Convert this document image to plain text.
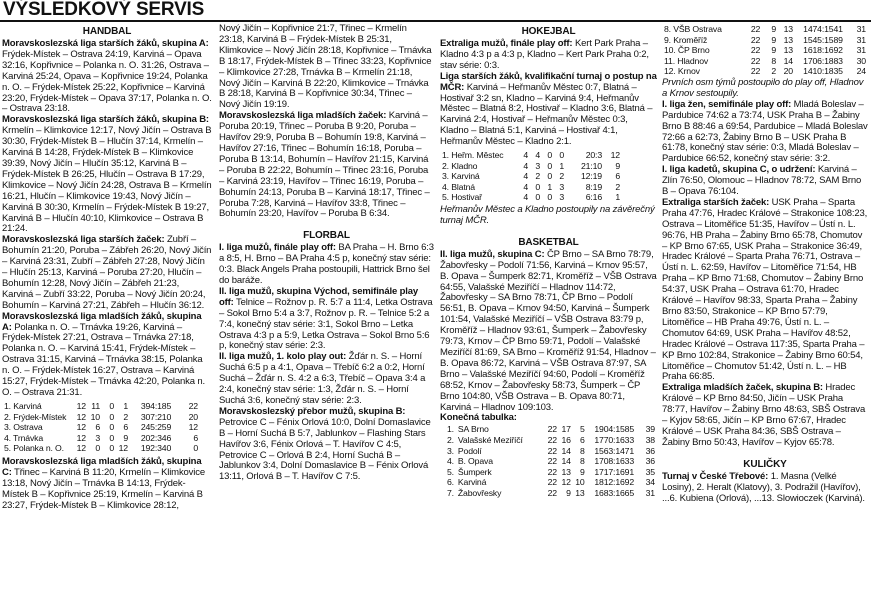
VÝSLEDKOVÝ SERVIS
HANDBAL

Moravskoslezská liga starších žáků, skupina A: Frýdek-Místek – Ostrava 24:19, Karviná – Opava 32:16, Kopřivnice – Polanka n. O. 31:26, Ostrava – Karviná 25:24, Opava – Kopřivnice 19:24, Polanka n. O. – Frýdek-Místek 25:22, Kopřivnice – Karviná 23:20, Frýdek-Místek – Opava 37:17, Polanka n. O. – Ostrava 23:18.

Moravskoslezská liga starších žáků, skupina B: Krmelín – Klimkovice 12:17, Nový Jičín – Ostrava B 30:30, Frýdek-Místek B – Hlučín 37:14, Krmelín – Karviná B 14:28, Frýdek-Místek B – Klimkovice 39:39, Nový Jičín – Hlučín 35:12, Karviná B – Frýdek-Místek B 26:25, Hlučín – Ostrava B 17:29, Klimkovice – Nový Jičín 24:28, Ostrava B – Krmelín 16:21, Hlučín – Klimkovice 19:43, Nový Jičín – Karviná B 30:30, Krmelín – Frýdek-Místek B 19:27, Karviná B – Hlučín 40:10, Klimkovice – Ostrava B 21:24.

Moravskoslezská liga starších žaček: Zubří – Bohumín 21:20, Poruba – Zábřeh 26:20, Nový Jičín – Karviná 23:31, Zubří – Zábřeh 27:28, Nový Jičín – Hlučín 25:13, Karviná – Poruba 27:20, Hlučín – Bohumín 12:28, Nový Jičín – Zábřeh 21:23, Karviná – Zubří 33:22, Poruba – Nový Jičín 20:24, Bohumín – Karviná 27:21, Zábřeh – Hlučín 36:12.

Moravskoslezská liga mladších žáků, skupina A: Polanka n. O. – Trnávka 19:26, Karviná – Frýdek-Místek 27:21, Ostrava – Trnávka 27:18, Polanka n. O. – Karviná 15:41, Frýdek-Místek – Ostrava 31:15, Karviná – Trnávka 38:15, Polanka n. O. – Frýdek-Místek 16:27, Ostrava – Karviná 15:27, Frýdek-Místek – Trnávka 42:20, Polanka n. O. – Ostrava 21:31.

1. Karviná	12	11	0	1	394:185	22
2. Frýdek-Místek	12	10	0	2	307:210	20
3. Ostrava	12	6	0	6	245:259	12
4. Trnávka	12	3	0	9	202:346	6
5. Polanka n. O.	12	0	0	12	192:340	0

Moravskoslezská liga mladších žáků, skupina C: Třinec – Karviná B 11:20, Krmelín – Klimkovice 13:18, Nový Jičín – Trnávka B 14:13, Frýdek-Místek B – Kopřivnice 25:19, Krmelín – Karviná B 23:27, Frýdek-Místek B – Klimkovice 28:12,

Nový Jičín – Kopřivnice 21:7, Třinec – Krmelín 23:18, Karviná B – Frýdek-Místek B 25:31, Klimkovice – Nový Jičín 28:18, Kopřivnice – Trnávka B 18:17, Frýdek-Místek B – Třinec 33:23, Kopřivnice – Klimkovice 27:28, Trnávka B – Krmelín 21:18, Nový Jičín – Karviná B 22:20, Klimkovice – Trnávka B 28:18, Karviná B – Kopřivnice 30:34, Třinec – Nový Jičín 19:19.

Moravskoslezská liga mladších žaček: Karviná – Poruba 20:19, Třinec – Poruba B 9:20, Poruba – Havířov 29:9, Poruba B – Bohumín 19:8, Karviná – Havířov 27:16, Třinec – Bohumín 16:18, Poruba – Poruba B 13:14, Bohumín – Havířov 21:15, Karviná – Poruba B 22:22, Bohumín – Třinec 23:16, Poruba – Karviná 23:19, Havířov – Třinec 16:19, Poruba – Bohumín 24:13, Poruba B – Karviná 18:17, Třinec – Poruba 7:28, Karviná – Havířov 33:8, Třinec – Bohumín 23:20, Havířov – Poruba B 6:34.

FLORBAL

I. liga mužů, finále play off: BA Praha – H. Brno 6:3 a 8:5, H. Brno – BA Praha 4:5 p, konečný stav série: 0:3. Black Angels Praha postoupili, Hattrick Brno šel do baráže.

II. liga mužů, skupina Východ, semifinále play off: Telnice – Rožnov p. R. 5:7 a 11:4, Letka Ostrava – Sokol Brno 5:4 a 3:7, Rožnov p. R. – Telnice 5:2 a 7:4, konečný stav série: 3:1, Sokol Brno – Letka Ostrava 4:3 p a 5:9, Letka Ostrava – Sokol Brno 5:6 p, konečný stav série: 2:3.

II. liga mužů, 1. kolo play out: Žďár n. S. – Horní Suchá 6:5 p a 4:1, Opava – Třebíč 6:2 a 0:2, Horní Suchá – Žďár n. S. 4:2 a 6:3, Třebíč – Opava 3:4 a 2:4, konečný stav série: 1:3, Žďár n. S. – Horní Suchá 3:6, konečný stav série: 2:3.

Moravskoslezský přebor mužů, skupina B: Petrovice C – Fénix Orlová 10:0, Dolní Domaslavice B – Horní Suchá B 5:7, Jablunkov – Flashing Stars Havířov 3:6, Fénix Orlová – T. Havířov C 4:5, Petrovice C – Orlová B 2:4, Horní Suchá B – Jablunkov 3:4, Dolní Domaslavice B – Fénix Orlová 13:11, Orlová B – T. Havířov C 7:5.

HOKEJBAL

Extraliga mužů, finále play off: Kert Park Praha – Kladno 4:3 p a 4:3 p, Kladno – Kert Park Praha 0:2, stav série: 0:3.

Liga starších žáků, kvalifikační turnaj o postup na MČR: Karviná – Heřmanův Městec 0:7, Blatná – Hostivař 3:2 sn, Kladno – Karviná 9:4, Heřmanův Městec – Blatná 8:2, Hostivař – Kladno 3:6, Blatná – Karviná 2:4, Hostivař – Heřmanův Městec 0:3, Kladno – Blatná 5:1, Karviná – Hostivař 4:1, Heřmanův Městec – Kladno 2:1.

1. Heřm. Městec	4	4	0	0	20:3	12
2. Kladno	4	3	0	1	21:10	9
3. Karviná	4	2	0	2	12:19	6
4. Blatná	4	0	1	3	8:19	2
5. Hostivař	4	0	0	3	6:16	1

Heřmanův Městec a Kladno postoupily na závěrečný turnaj MČR.

BASKETBAL

II. liga mužů, skupina C: ČP Brno – SA Brno 78:79, Žabovřesky – Podolí 71:56, Karviná – Krnov 95:57, B. Opava – Šumperk 82:71, Kroměříž – VŠB Ostrava 64:55, Valašské Meziříčí – Hladnov 114:72, Žabovřesky – SA Brno 78:71, ČP Brno – Podolí 56:51, B. Opava – Krnov 94:50, Karviná – Šumperk 101:54, Valašské Meziříčí – VŠB Ostrava 83:79 p, Kroměříž – Hladnov 93:61, Šumperk – Žabovřesky 79:73, Krnov – ČP Brno 59:71, Podolí – Valašské Meziříčí 81:69, SA Brno – Kroměříž 91:54, Hladnov – B. Opava 86:72, Karviná – VŠB Ostrava 87:97, SA Brno – Valašské Meziříčí 94:60, Podolí – Kroměříž 68:52, Krnov – Žabovřesky 58:73, Šumperk – ČP Brno 104:80, VŠB Ostrava – B. Opava 80:71, Karviná – Hladnov 109:103.

Konečná tabulka:

1.	SA Brno	22	17	5	1904:1585	39
2.	Valašské Meziříčí	22	16	6	1770:1633	38
3.	Podolí	22	14	8	1563:1471	36
4.	B. Opava	22	14	8	1708:1633	36
5.	Šumperk	22	13	9	1717:1691	35
6.	Karviná	22	12	10	1812:1692	34
7.	Žabovřesky	22	9	13	1683:1665	31
8. VŠB Ostrava	22	9	13	1474:1541	31
9. Kroměříž	22	9	13	1545:1589	31
10. ČP Brno	22	9	13	1618:1692	31
11. Hladnov	22	8	14	1706:1883	30
12. Krnov	22	2	20	1410:1835	24

Prvních osm týmů postoupilo do play off, Hladnov a Krnov sestoupily.

I. liga žen, semifinále play off: Mladá Boleslav – Pardubice 74:62 a 73:74, USK Praha B – Žabiny Brno B 88:46 a 69:54, Pardubice – Mladá Boleslav 72:66 a 62:73, Žabiny Brno B – USK Praha B 61:78, konečný stav série: 0:3, Mladá Boleslav – Pardubice 66:52, konečný stav série: 3:2.

I. liga kadetů, skupina C, o udržení: Karviná – Zlín 76:50, Olomouc – Hladnov 78:72, SAM Brno B – Opava 76:104.

Extraliga starších žaček: USK Praha – Sparta Praha 47:76, Hradec Králové – Strakonice 108:23, Ostrava – Litoměřice 51:35, Havířov – Ústí n. L. 96:76, HB Praha – Žabiny Brno 65:78, Chomutov – KP Brno 67:65, USK Praha – Strakonice 36:49, Hradec Králové – Sparta Praha 76:71, Ostrava – Ústí n. L. 62:59, Havířov – Litoměřice 71:54, HB Praha – KP Brno 71:68, Chomutov – Žabiny Brno 54:37, USK Praha – Ostrava 61:70, Hradec Králové – Havířov 98:33, Sparta Praha – Žabiny Brno 83:50, Strakonice – KP Brno 57:79, Litoměřice – HB Praha 49:76, Ústí n. L. – Chomutov 64:69, USK Praha – Havířov 48:52, Hradec Králové – Ostrava 117:35, Sparta Praha – KP Brno 102:84, Strakonice – Žabiny Brno 60:54, Litoměřice – Chomutov 51:42, Ústí n. L. – HB Praha 66:85.

Extraliga mladších žaček, skupina B: Hradec Králové – KP Brno 84:50, Jičín – USK Praha 78:77, Havířov – Žabiny Brno 48:63, SBŠ Ostrava – Kyjov 58:65, Jičín – KP Brno 67:67, Hradec Králové – USK Praha 84:36, SBŠ Ostrava – Žabiny Brno 50:43, Havířov – Kyjov 65:78.

KULIČKY

Turnaj v České Třebové: 1. Masna (Velké Losiny), 2. Heralt (Klatovy), 3. Podražil (Havířov), ...6. Kubiena (Orlová), ...13. Slowioczek (Karviná).
